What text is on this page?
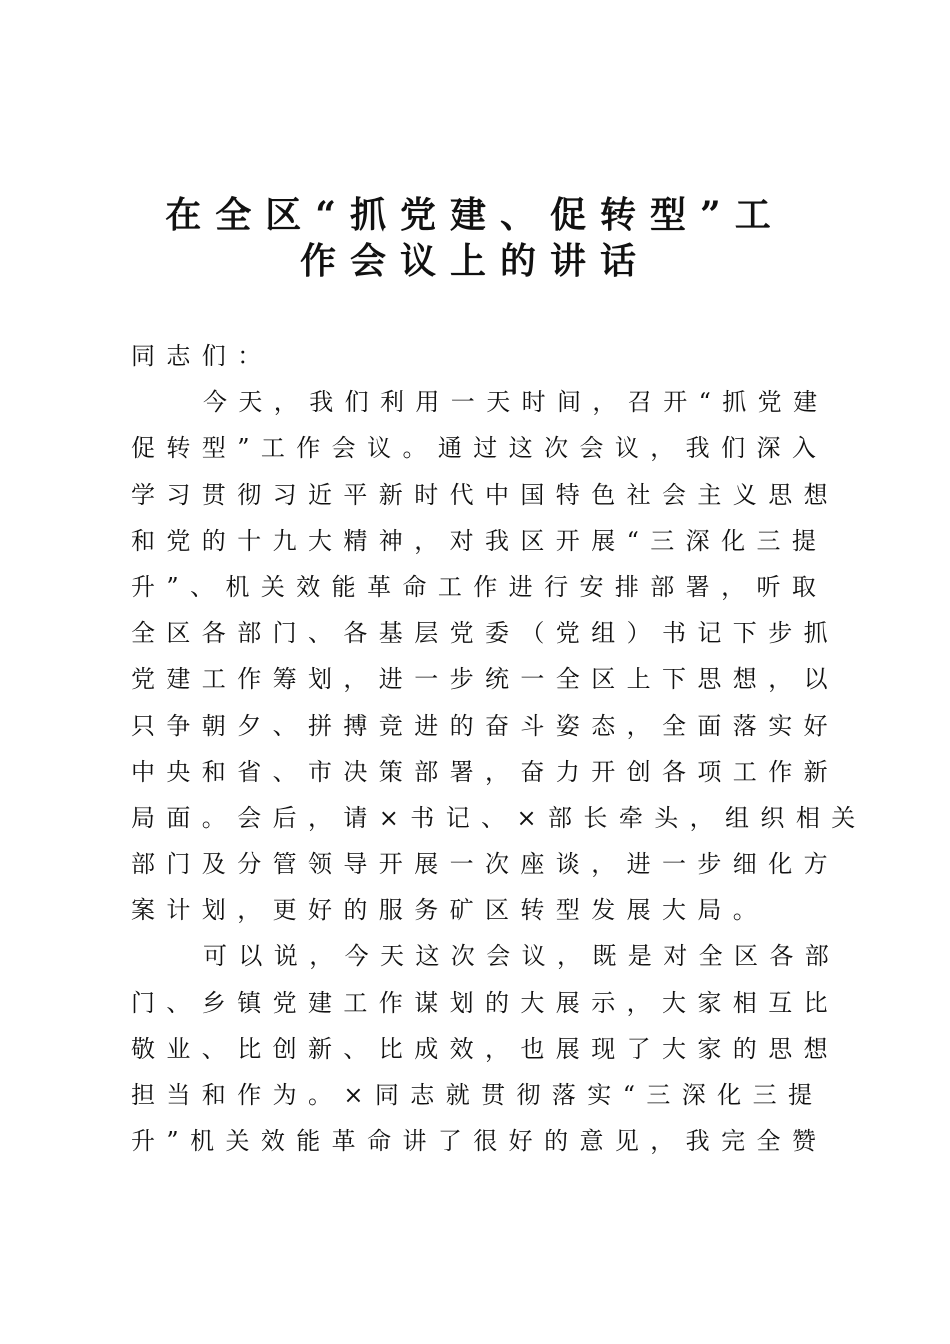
在全区“抓党建、促转型”工
作会议上的讲话
同志们：
今天，我们利用一天时间，召开“抓党建
促转型”工作会议。通过这次会议，我们深入
学习贯彻习近平新时代中国特色社会主义思想
和党的十九大精神，对我区开展“三深化三提
升”、机关效能革命工作进行安排部署，听取
全区各部门、各基层党委（党组）书记下步抓
党建工作筹划，进一步统一全区上下思想，以
只争朝夕、拼搏竞进的奋斗姿态，全面落实好
中央和省、市决策部署，奋力开创各项工作新
局面。会后，请×书记、×部长牵头，组织相关
部门及分管领导开展一次座谈，进一步细化方
案计划，更好的服务矿区转型发展大局。
可以说，今天这次会议，既是对全区各部
门、乡镇党建工作谋划的大展示，大家相互比
敬业、比创新、比成效，也展现了大家的思想
担当和作为。×同志就贯彻落实“三深化三提
升”机关效能革命讲了很好的意见，我完全赞
